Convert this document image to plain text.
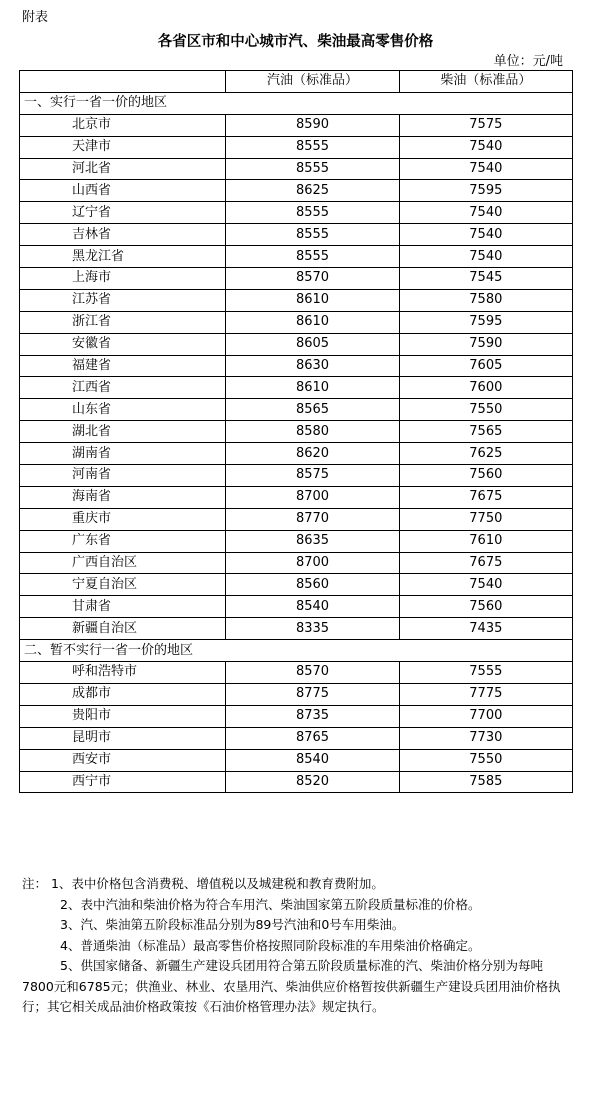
附表
各省区市和中心城市汽、柴油最高零售价格
单位：元/吨
	汽油（标准品）	柴油（标准品）
一、实行一省一价的地区		
北京市	8590	7575
天津市	8555	7540
河北省	8555	7540
山西省	8625	7595
辽宁省	8555	7540
吉林省	8555	7540
黑龙江省	8555	7540
上海市	8570	7545
江苏省	8610	7580
浙江省	8610	7595
安徽省	8605	7590
福建省	8630	7605
江西省	8610	7600
山东省	8565	7550
湖北省	8580	7565
湖南省	8620	7625
河南省	8575	7560
海南省	8700	7675
重庆市	8770	7750
广东省	8635	7610
广西自治区	8700	7675
宁夏自治区	8560	7540
甘肃省	8540	7560
新疆自治区	8335	7435
二、暂不实行一省一价的地区		
呼和浩特市	8570	7555
成都市	8775	7775
贵阳市	8735	7700
昆明市	8765	7730
西安市	8540	7550
西宁市	8520	7585

注： 1、表中价格包含消费税、增值税以及城建税和教育费附加。

2、表中汽油和柴油价格为符合车用汽、柴油国家第五阶段质量标准的价格。

3、汽、柴油第五阶段标准品分别为89号汽油和0号车用柴油。

4、普通柴油（标准品）最高零售价格按照同阶段标准的车用柴油价格确定。

5、供国家储备、新疆生产建设兵团用符合第五阶段质量标准的汽、柴油价格分别为每吨7800元和6785元；供渔业、林业、农垦用汽、柴油供应价格暂按供新疆生产建设兵团用油价格执行；其它相关成品油价格政策按《石油价格管理办法》规定执行。
